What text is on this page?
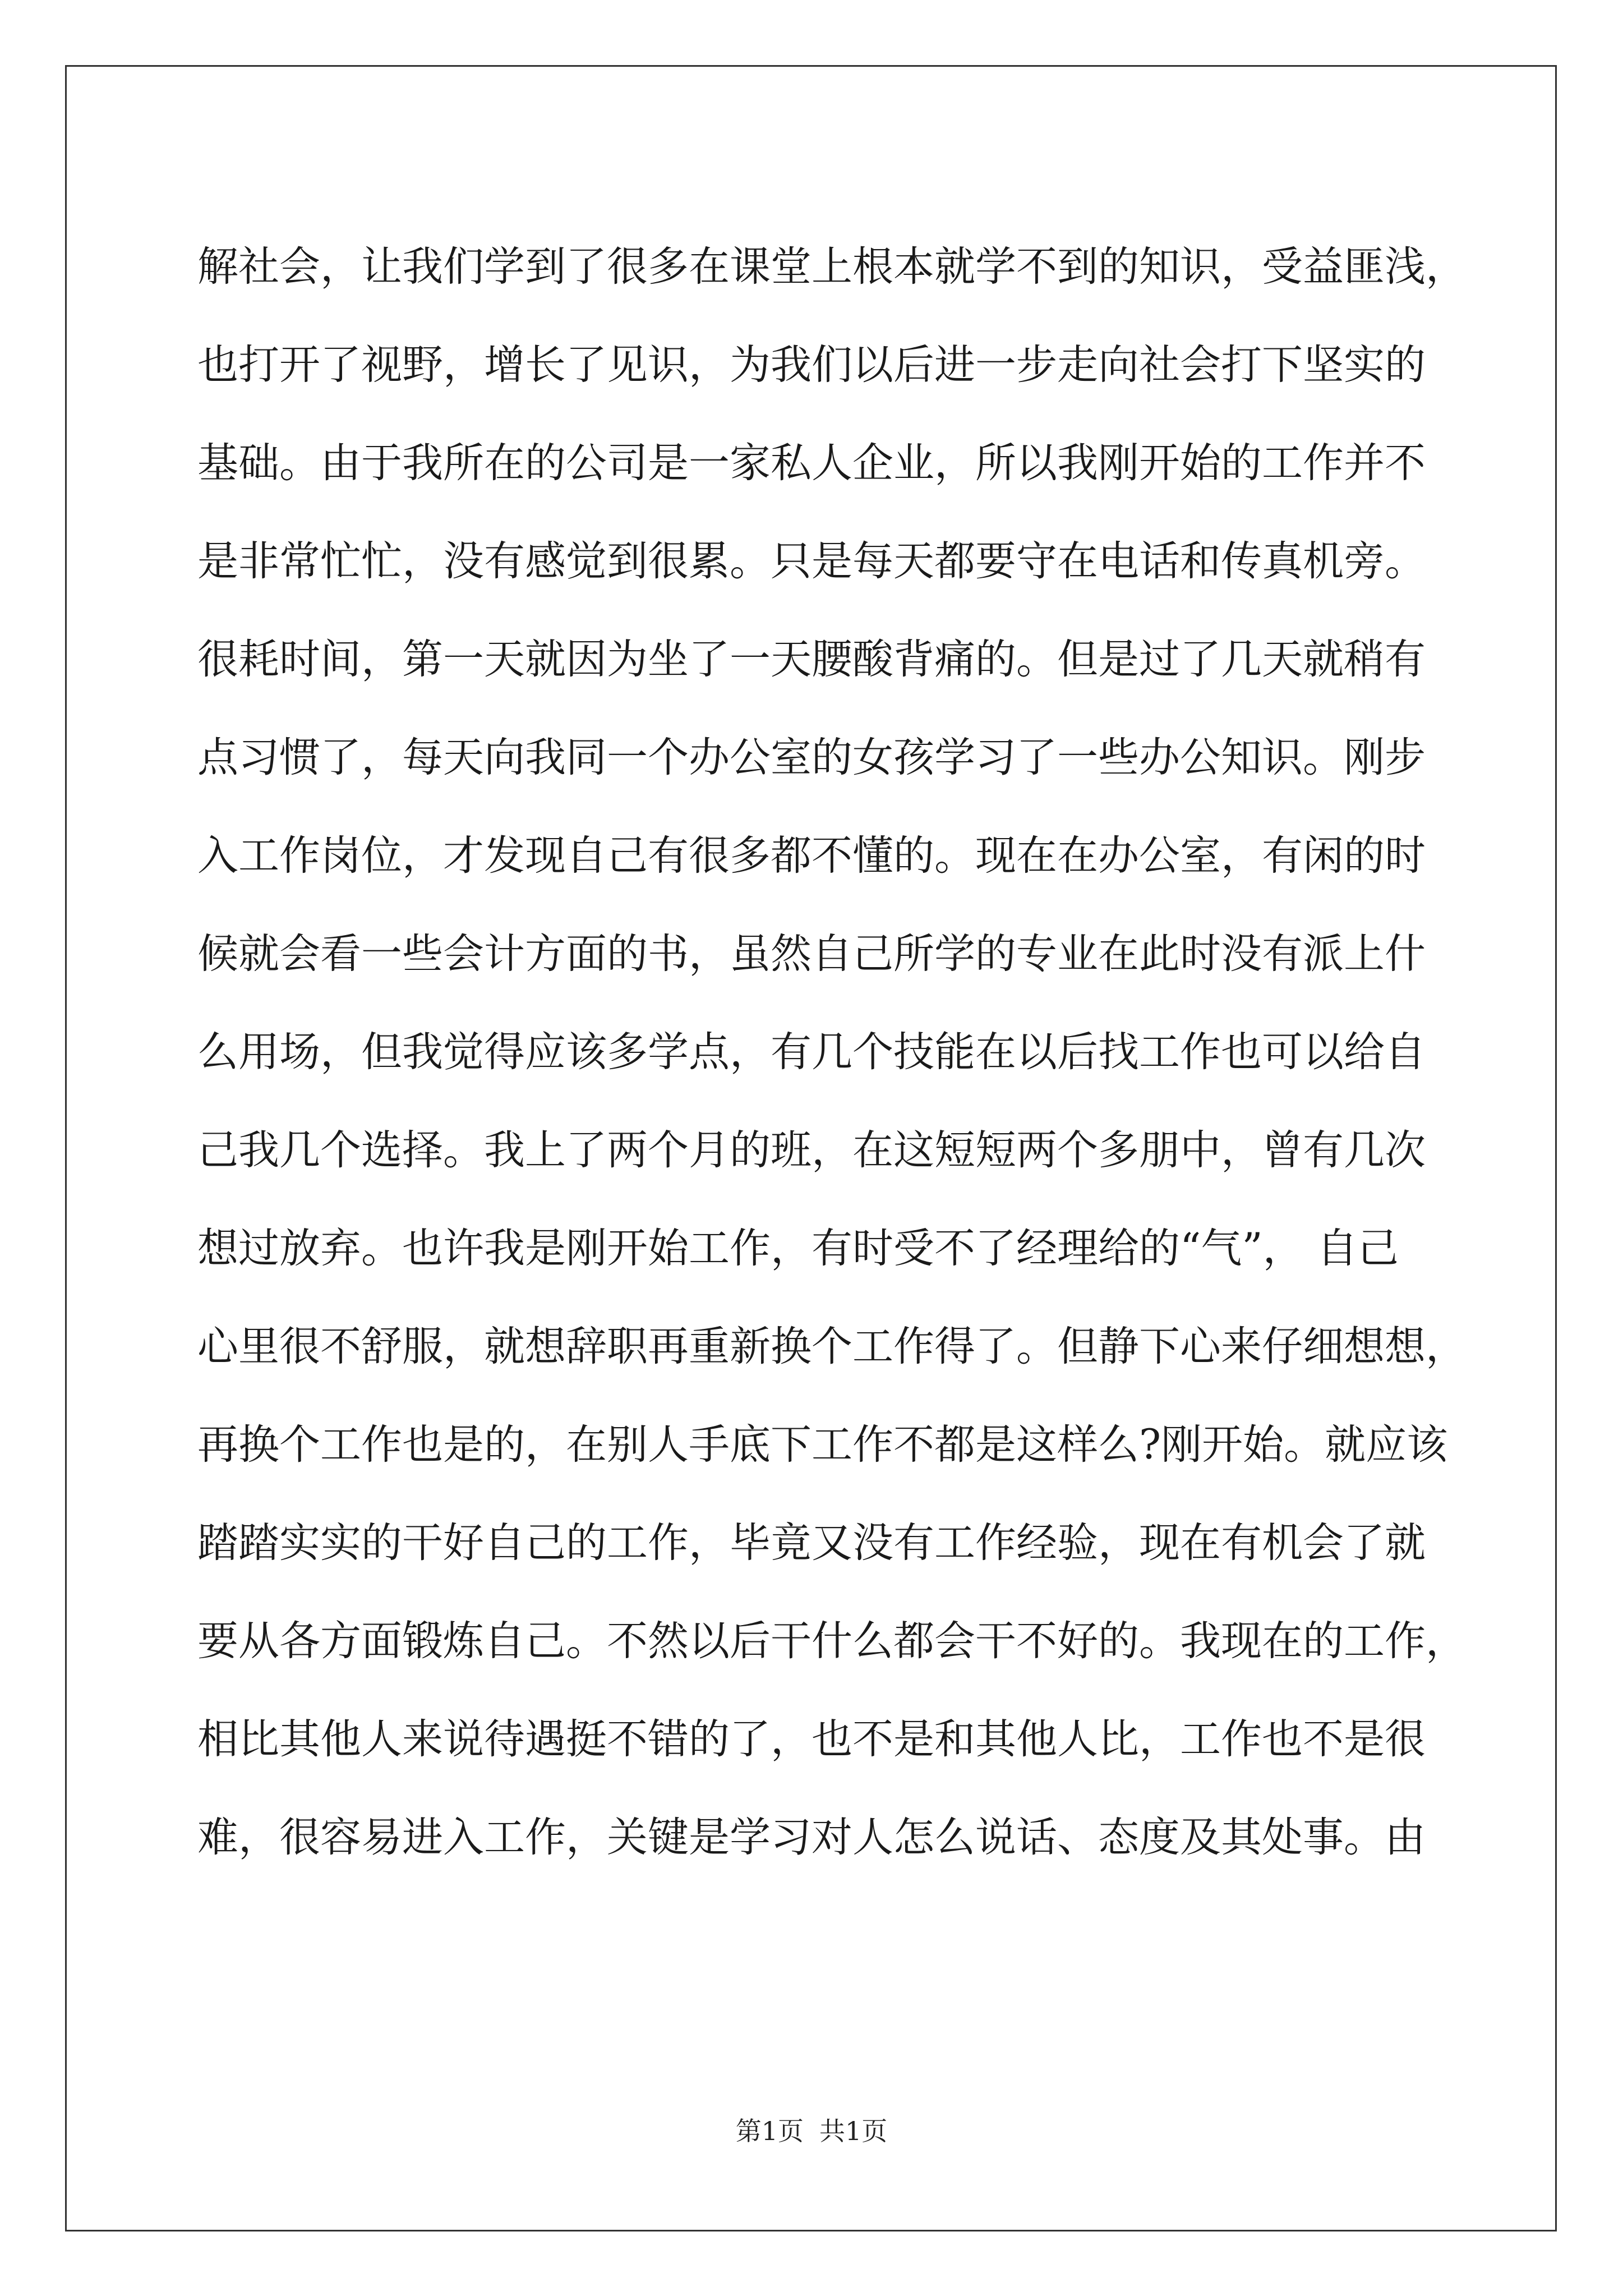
解社会，让我们学到了很多在课堂上根本就学不到的知识，受益匪浅，
也打开了视野，增长了见识，为我们以后进一步走向社会打下坚实的
基础。由于我所在的公司是一家私人企业，所以我刚开始的工作并不
是非常忙忙，没有感觉到很累。只是每天都要守在电话和传真机旁。
很耗时间，第一天就因为坐了一天腰酸背痛的。但是过了几天就稍有
点习惯了，每天向我同一个办公室的女孩学习了一些办公知识。刚步
入工作岗位，才发现自己有很多都不懂的。现在在办公室，有闲的时
候就会看一些会计方面的书，虽然自己所学的专业在此时没有派上什
么用场，但我觉得应该多学点，有几个技能在以后找工作也可以给自
己我几个选择。我上了两个月的班，在这短短两个多朋中，曾有几次
想过放弃。也许我是刚开始工作，有时受不了经理给的“气”， 自己
心里很不舒服，就想辞职再重新换个工作得了。但静下心来仔细想想，
再换个工作也是的，在别人手底下工作不都是这样么?刚开始。就应该
踏踏实实的干好自己的工作，毕竟又没有工作经验，现在有机会了就
要从各方面锻炼自己。不然以后干什么都会干不好的。我现在的工作，
相比其他人来说待遇挺不错的了，也不是和其他人比，工作也不是很
难，很容易进入工作，关键是学习对人怎么说话、态度及其处事。由
第1页 共1页
